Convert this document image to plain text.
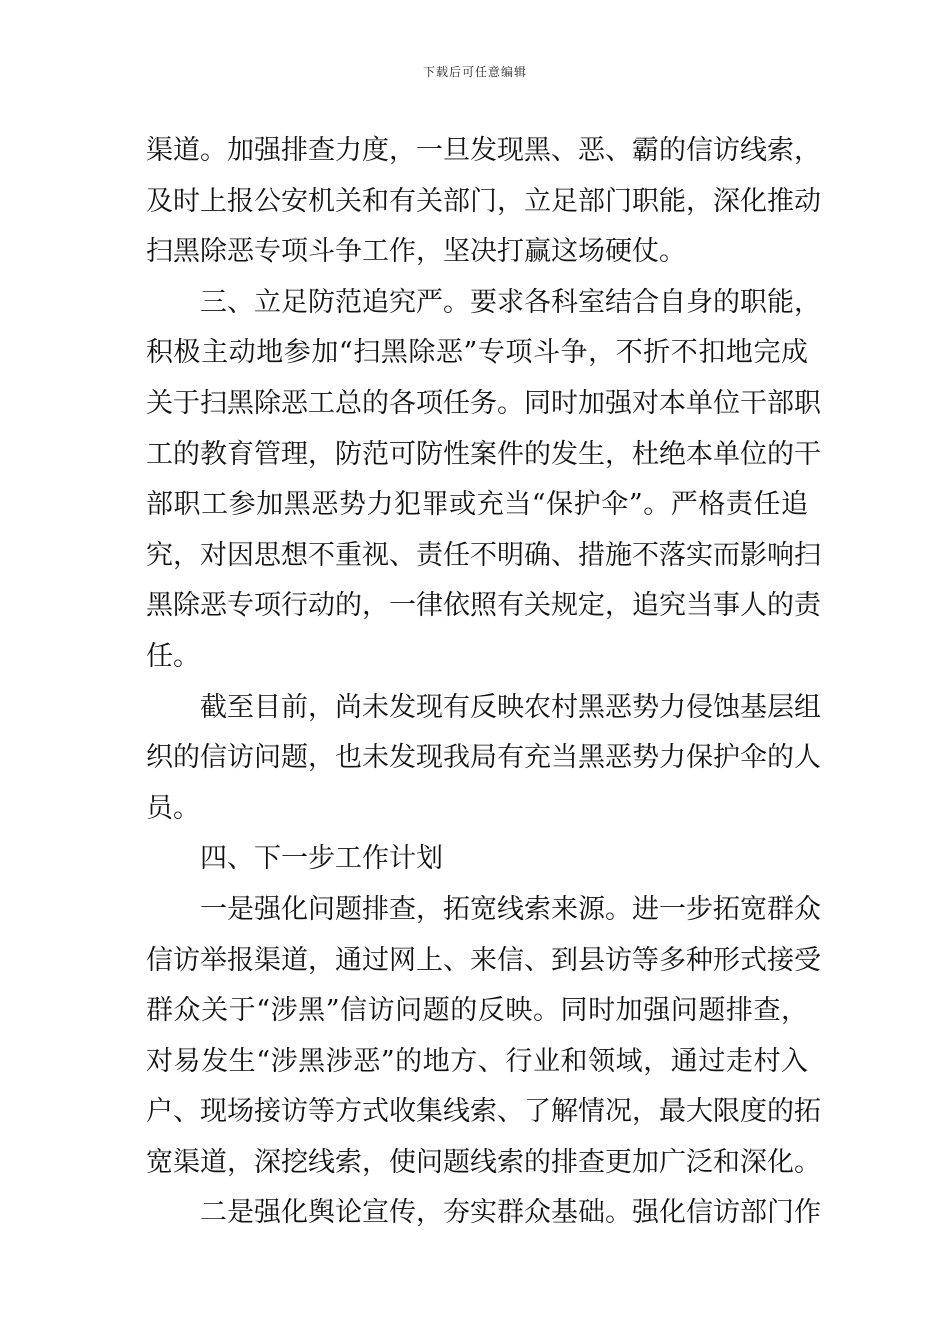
下载后可任意编辑
渠道。加强排查力度，一旦发现黑、恶、霸的信访线索，
及时上报公安机关和有关部门，立足部门职能，深化推动
扫黑除恶专项斗争工作，坚决打赢这场硬仗。
三、立足防范追究严。要求各科室结合自身的职能，
积极主动地参加“扫黑除恶”专项斗争，不折不扣地完成
关于扫黑除恶工总的各项任务。同时加强对本单位干部职
工的教育管理，防范可防性案件的发生，杜绝本单位的干
部职工参加黑恶势力犯罪或充当“保护伞”。严格责任追
究，对因思想不重视、责任不明确、措施不落实而影响扫
黑除恶专项行动的，一律依照有关规定，追究当事人的责
任。
截至目前，尚未发现有反映农村黑恶势力侵蚀基层组
织的信访问题，也未发现我局有充当黑恶势力保护伞的人
员。
四、下一步工作计划
一是强化问题排查，拓宽线索来源。进一步拓宽群众
信访举报渠道，通过网上、来信、到县访等多种形式接受
群众关于“涉黑”信访问题的反映。同时加强问题排查，
对易发生“涉黑涉恶”的地方、行业和领域，通过走村入
户、现场接访等方式收集线索、了解情况，最大限度的拓
宽渠道，深挖线索，使问题线索的排查更加广泛和深化。
二是强化舆论宣传，夯实群众基础。强化信访部门作
